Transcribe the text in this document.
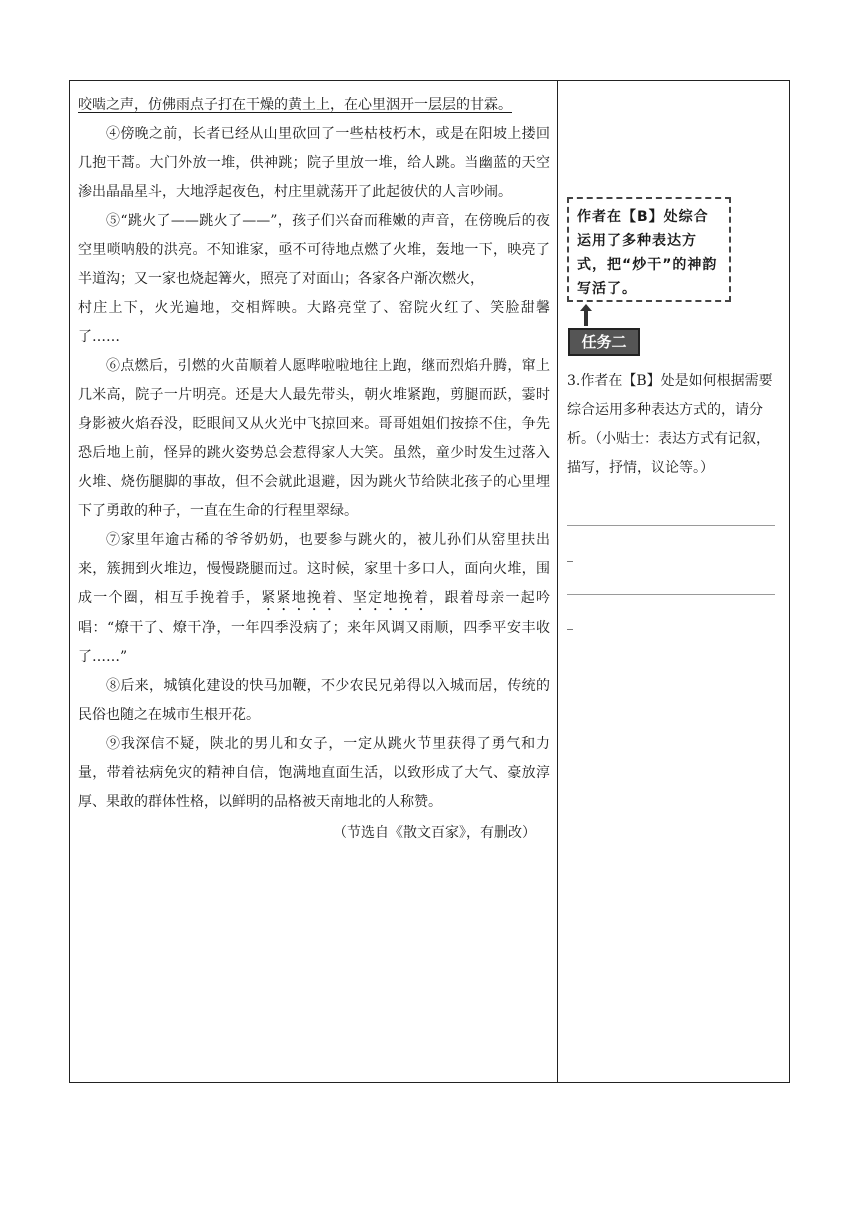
咬啮之声，仿佛雨点子打在干燥的黄土上，在心里洇开一层层的甘霖。

④傍晚之前，长者已经从山里砍回了一些枯枝朽木，或是在阳坡上搂回几抱干蒿。大门外放一堆，供神跳；院子里放一堆，给人跳。当幽蓝的天空渗出晶晶星斗，大地浮起夜色，村庄里就荡开了此起彼伏的人言吵闹。

⑤“跳火了——跳火了——”，孩子们兴奋而稚嫩的声音，在傍晚后的夜空里唢呐般的洪亮。不知谁家，亟不可待地点燃了火堆，轰地一下，映亮了半道沟；又一家也烧起篝火，照亮了对面山；各家各户渐次燃火，

村庄上下，火光遍地，交相辉映。大路亮堂了、窑院火红了、笑脸甜馨了……

⑥点燃后，引燃的火苗顺着人愿哔啦啦地往上跑，继而烈焰升腾，窜上几米高，院子一片明亮。还是大人最先带头，朝火堆紧跑，剪腿而跃，霎时身影被火焰吞没，眨眼间又从火光中飞掠回来。哥哥姐姐们按捺不住，争先恐后地上前，怪异的跳火姿势总会惹得家人大笑。虽然，童少时发生过落入火堆、烧伤腿脚的事故，但不会就此退避，因为跳火节给陕北孩子的心里埋下了勇敢的种子，一直在生命的行程里翠绿。

⑦家里年逾古稀的爷爷奶奶，也要参与跳火的，被儿孙们从窑里扶出来，簇拥到火堆边，慢慢跷腿而过。这时候，家里十多口人，面向火堆，围成一个圈，相互手挽着手，紧紧地挽着、坚定地挽着，跟着母亲一起吟唱：“燎干了、燎干净，一年四季没病了；来年风调又雨顺，四季平安丰收了……”

⑧后来，城镇化建设的快马加鞭，不少农民兄弟得以入城而居，传统的民俗也随之在城市生根开花。

⑨我深信不疑，陕北的男儿和女子，一定从跳火节里获得了勇气和力量，带着祛病免灾的精神自信，饱满地直面生活，以致形成了大气、豪放淳厚、果敢的群体性格，以鲜明的品格被天南地北的人称赞。

（节选自《散文百家》，有删改）
作者在【B】处综合运用了多种表达方式，把“炒干”的神韵写活了。
任务二

3.作者在【B】处是如何根据需要综合运用多种表达方式的，请分析。（小贴士：表达方式有记叙，描写，抒情，议论等。）
